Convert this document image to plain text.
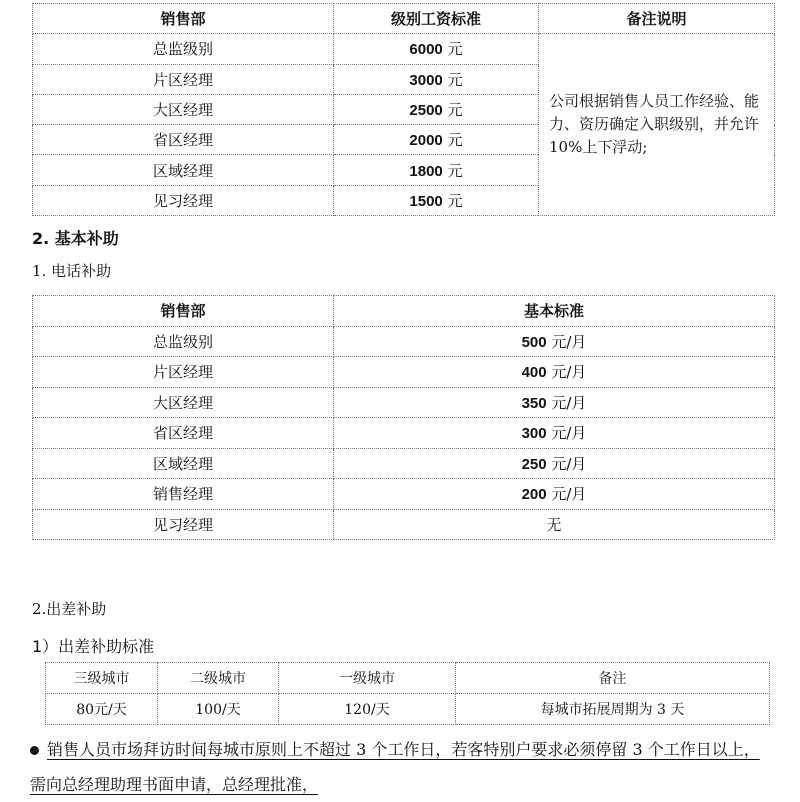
销售部	级别工资标准	备注说明
总监级别	6000 元	公司根据销售人员工作经验、能力、资历确定入职级别，并允许10%上下浮动;
片区经理	3000 元	
大区经理	2500 元	
省区经理	2000 元	
区域经理	1800 元	
见习经理	1500 元	
2. 基本补助
1. 电话补助
销售部	基本标准
总监级别	500 元/月
片区经理	400 元/月
大区经理	350 元/月
省区经理	300 元/月
区域经理	250 元/月
销售经理	200 元/月
见习经理	无
2.出差补助
1）出差补助标准
三级城市	二级城市	一级城市	备注
80元/天	100/天	120/天	每城市拓展周期为 3 天
销售人员市场拜访时间每城市原则上不超过 3 个工作日，若客特别户要求必须停留 3 个工作日以上，需向总经理助理书面申请，总经理批准，
